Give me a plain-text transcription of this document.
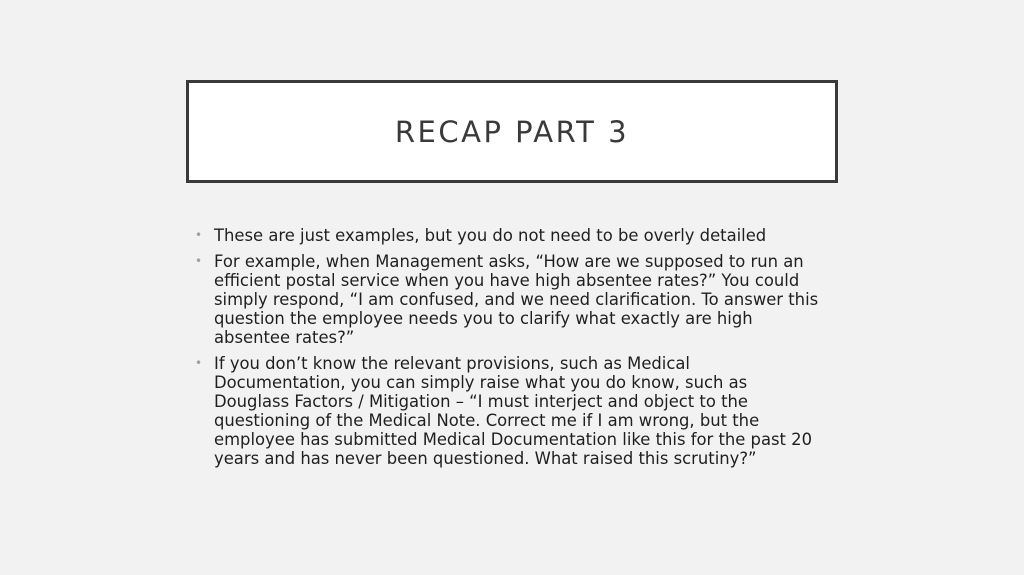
RECAP PART 3
• These are just examples, but you do not need to be overly detailed
• For example, when Management asks, “How are we supposed to run an efficient postal service when you have high absentee rates?” You could simply respond, “I am confused, and we need clarification. To answer this question the employee needs you to clarify what exactly are high absentee rates?”
• If you don’t know the relevant provisions, such as Medical Documentation, you can simply raise what you do know, such as Douglass Factors / Mitigation – “I must interject and object to the questioning of the Medical Note. Correct me if I am wrong, but the employee has submitted Medical Documentation like this for the past 20 years and has never been questioned. What raised this scrutiny?”
